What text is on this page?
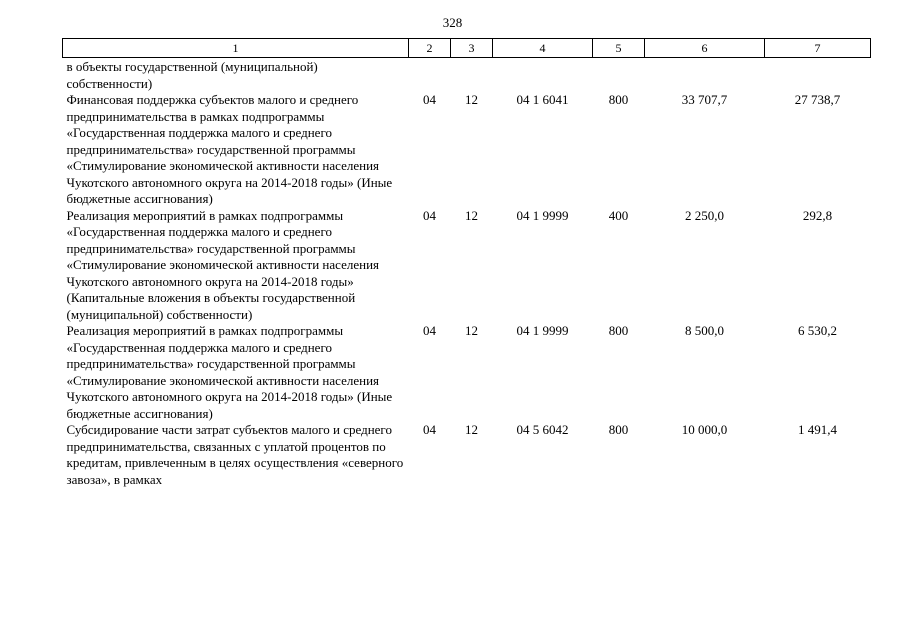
328
1	2	3	4	5	6	7
в объекты государственной (муниципальной) собственности)						
Финансовая поддержка субъектов малого и среднего предпринимательства в рамках подпрограммы «Государственная поддержка малого и среднего предпринимательства» государственной программы «Стимулирование экономической активности населения Чукотского автономного округа на 2014-2018 годы» (Иные бюджетные ассигнования)	04	12	04 1 6041	800	33 707,7	27 738,7
Реализация мероприятий в рамках подпрограммы «Государственная поддержка малого и среднего предпринимательства» государственной программы «Стимулирование экономической активности населения Чукотского автономного округа на 2014-2018 годы» (Капитальные вложения в объекты государственной (муниципальной) собственности)	04	12	04 1 9999	400	2 250,0	292,8
Реализация мероприятий в рамках подпрограммы «Государственная поддержка малого и среднего предпринимательства» государственной программы «Стимулирование экономической активности населения Чукотского автономного округа на 2014-2018 годы» (Иные бюджетные ассигнования)	04	12	04 1 9999	800	8 500,0	6 530,2
Субсидирование части затрат субъектов малого и среднего предпринимательства, связанных с уплатой процентов по кредитам, привлеченным в целях осуществления «северного завоза», в рамках	04	12	04 5 6042	800	10 000,0	1 491,4
